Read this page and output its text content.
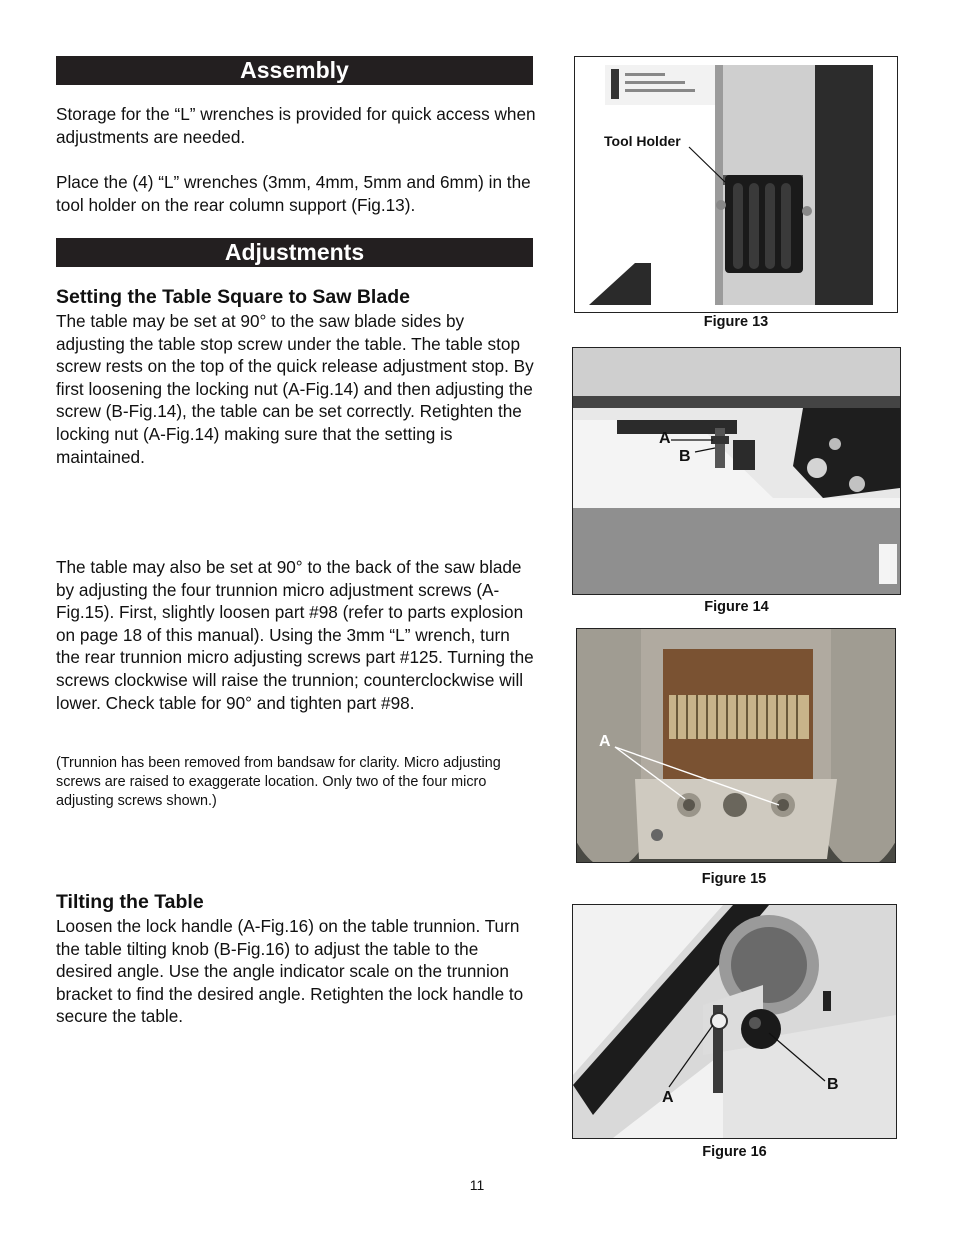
Assembly

Storage for the “L” wrenches is provided for quick access when adjustments are needed.

Place the (4) “L” wrenches (3mm, 4mm, 5mm and 6mm) in the tool holder on the rear column support (Fig.13).

Adjustments
Setting the Table Square to Saw Blade

The table may be set at 90° to the saw blade sides by adjusting the table stop screw under the table. The table stop screw rests on the top of the quick release adjustment stop. By first loosening the locking nut (A-Fig.14) and then adjusting the screw (B-Fig.14), the table can be set correctly. Retighten the locking nut (A-Fig.14) making sure that the setting is maintained.

The table may also be set at 90° to the back of the saw blade by adjusting the four trunnion micro adjustment screws (A-Fig.15). First, slightly loosen part #98 (refer to parts explosion on page 18 of this manual). Using the 3mm “L” wrench, turn the rear trunnion micro adjusting screws part #125. Turning the screws clockwise will raise the trunnion; counterclockwise will lower. Check table for 90° and tighten part #98.

(Trunnion has been removed from bandsaw for clarity. Micro adjusting screws are raised to exaggerate location. Only two of the four micro adjusting screws shown.)

Tilting the Table

Loosen the lock handle (A-Fig.16) on the table trunnion. Turn the table tilting knob (B-Fig.16) to adjust the table to the desired angle. Use the angle indicator scale on the trunnion bracket to find the desired angle. Retighten the lock handle to secure the table.

Tool Holder
Figure 13
A
B
Figure 14
A
Figure 15
A
B
Figure 16
11
